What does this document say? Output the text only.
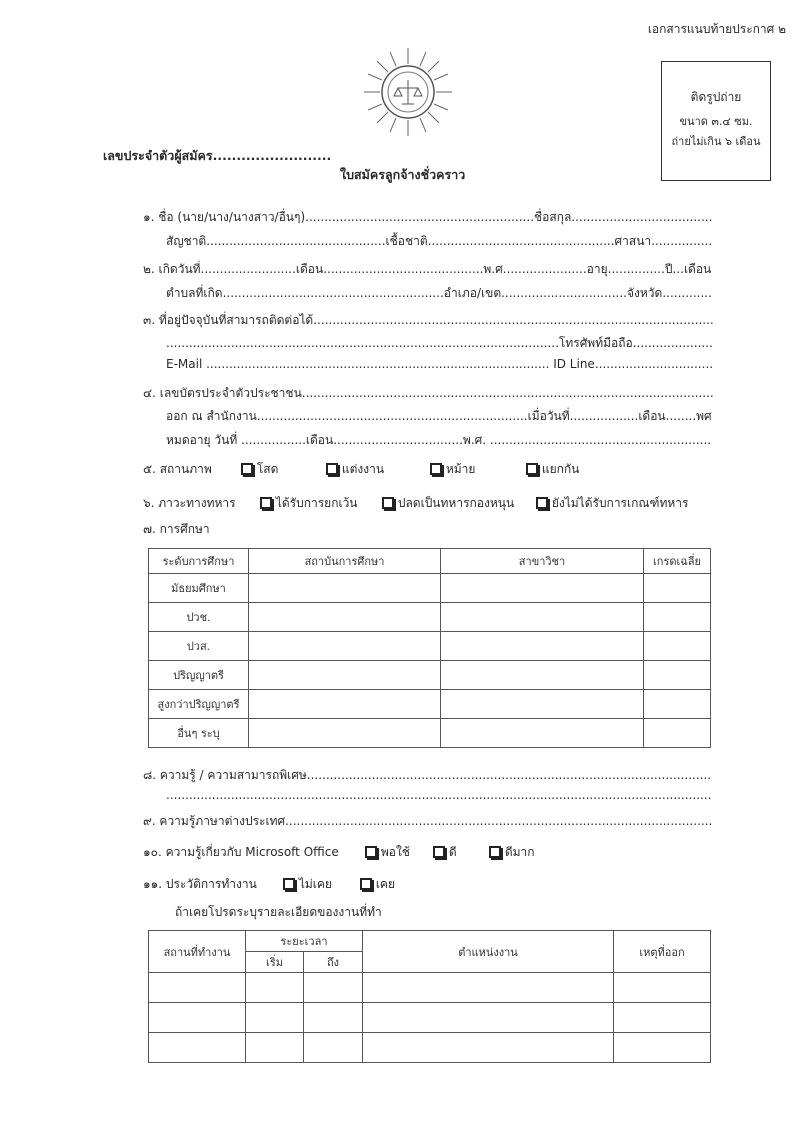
เอกสารแนบท้ายประกาศ ๒
ติดรูปถ่าย
ขนาด ๓.๔ ซม.
ถ่ายไม่เกิน ๖ เดือน
เลขประจำตัวผู้สมัคร.........................
ใบสมัครลูกจ้างชั่วคราว
๑. ชื่อ (นาย/นาง/นางสาว/อื่นๆ)............................................................ชื่อสกุล.....................................
สัญชาติ...............................................เชื้อชาติ.................................................ศาสนา................
๒. เกิดวันที่.........................เดือน..........................................พ.ศ......................อายุ...............ปี...เดือน
ตำบลที่เกิด..........................................................อำเภอ/เขต.................................จังหวัด.............
๓. ที่อยู่ปัจจุบันที่สามารถติดต่อได้.........................................................................................................
.......................................................................................................โทรศัพท์มือถือ.....................
E-Mail .......................................................................................... ID Line...............................
๔. เลขบัตรประจำตัวประชาชน............................................................................................................
ออก ณ สำนักงาน.......................................................................เมื่อวันที่..................เดือน........พศ
หมดอายุ วันที่ .................เดือน..................................พ.ศ. ..........................................................
๕. สถานภาพ	โสด	แต่งงาน	หม้าย	แยกกัน
๖. ภาวะทางทหาร	ได้รับการยกเว้น	ปลดเป็นทหารกองหนุน	ยังไม่ได้รับการเกณฑ์ทหาร
๗. การศึกษา
ระดับการศึกษา	สถาบันการศึกษา	สาขาวิชา	เกรดเฉลี่ย
มัธยมศึกษา			
ปวช.			
ปวส.			
ปริญญาตรี			
สูงกว่าปริญญาตรี			
อื่นๆ ระบุ			
๘. ความรู้ / ความสามารถพิเศษ..........................................................................................................
...............................................................................................................................................
๙. ความรู้ภาษาต่างประเทศ................................................................................................................
๑๐. ความรู้เกี่ยวกับ Microsoft Office	พอใช้	ดี	ดีมาก
๑๑. ประวัติการทำงาน	ไม่เคย	เคย
ถ้าเคยโปรดระบุรายละเอียดของงานที่ทำ
สถานที่ทำงาน	ระยะเวลา		ตำแหน่งงาน	เหตุที่ออก
	เริ่ม	ถึง		
